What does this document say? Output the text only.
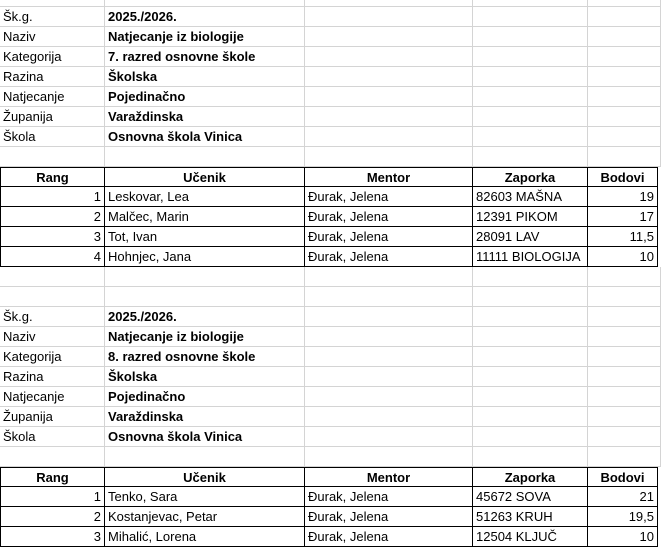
Šk.g.	2025./2026.
Naziv	Natjecanje iz biologije
Kategorija	7. razred osnovne škole
Razina	Školska
Natjecanje	Pojedinačno
Županija	Varaždinska
Škola	Osnovna škola Vinica
Rang	Učenik	Mentor	Zaporka	Bodovi
1 Leskovar, Lea	Đurak, Jelena	82603 MAŠNA	19
2 Malčec, Marin	Đurak, Jelena	12391 PIKOM	17
3 Tot, Ivan	Đurak, Jelena	28091 LAV	11,5
4 Hohnjec, Jana	Đurak, Jelena	11111 BIOLOGIJA	10
Šk.g.	2025./2026.
Naziv	Natjecanje iz biologije
Kategorija	8. razred osnovne škole
Razina	Školska
Natjecanje	Pojedinačno
Županija	Varaždinska
Škola	Osnovna škola Vinica
Rang	Učenik	Mentor	Zaporka	Bodovi
1 Tenko, Sara	Đurak, Jelena	45672 SOVA	21
2 Kostanjevac, Petar	Đurak, Jelena	51263 KRUH	19,5
3 Mihalić, Lorena	Đurak, Jelena	12504 KLJUČ	10
